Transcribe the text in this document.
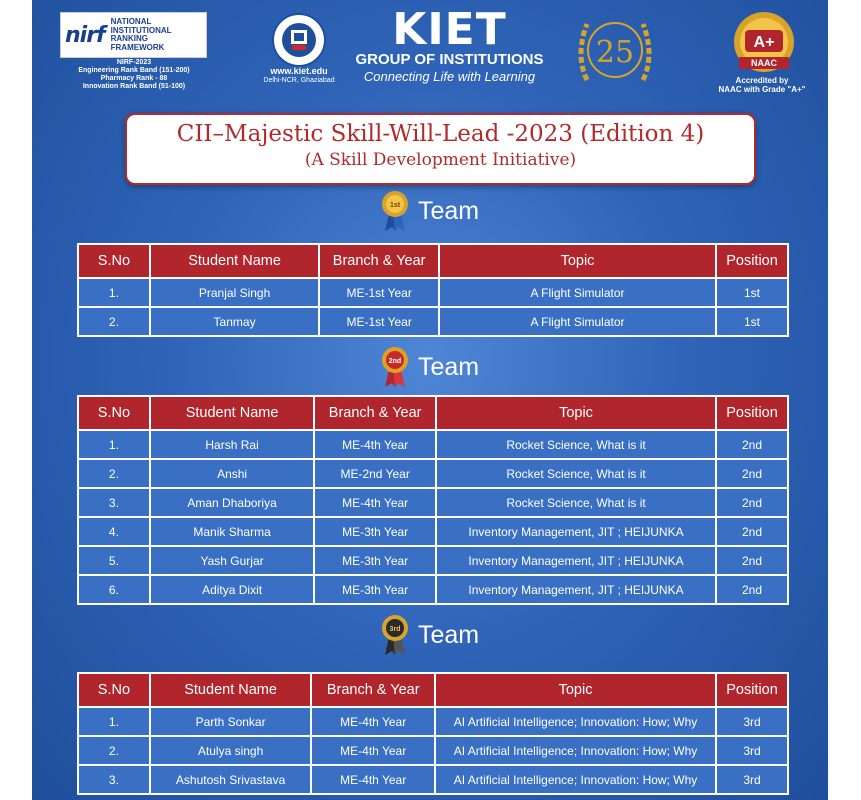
nirf
NATIONAL
INSTITUTIONAL
RANKING
FRAMEWORK
NIRF-2023
Engineering Rank Band (151-200)
Pharmacy Rank - 88
Innovation Rank Band (51-100)
www.kiet.edu
Delhi-NCR, Ghaziabad
KIET
GROUP OF INSTITUTIONS
Connecting Life with Learning
25	A+
NAAC
Accredited by
NAAC with Grade "A+"
CII–Majestic Skill-Will-Lead -2023 (Edition 4)
(A Skill Development Initiative)
1st Team
S.No	Student Name	Branch & Year	Topic	Position
1.	Pranjal Singh	ME-1st Year	A Flight Simulator	1st
2.	Tanmay	ME-1st Year	A Flight Simulator	1st
2nd Team
S.No	Student Name	Branch & Year	Topic	Position
1.	Harsh Rai	ME-4th Year	Rocket Science, What is it	2nd
2.	Anshi	ME-2nd Year	Rocket Science, What is it	2nd
3.	Aman Dhaboriya	ME-4th Year	Rocket Science, What is it	2nd
4.	Manik Sharma	ME-3th Year	Inventory Management, JIT ; HEIJUNKA	2nd
5.	Yash Gurjar	ME-3th Year	Inventory Management, JIT ; HEIJUNKA	2nd
6.	Aditya Dixit	ME-3th Year	Inventory Management, JIT ; HEIJUNKA	2nd
3rd Team
S.No	Student Name	Branch & Year	Topic	Position
1.	Parth Sonkar	ME-4th Year	AI Artificial Intelligence; Innovation: How; Why	3rd
2.	Atulya singh	ME-4th Year	AI Artificial Intelligence; Innovation: How; Why	3rd
3.	Ashutosh Srivastava	ME-4th Year	AI Artificial Intelligence; Innovation: How; Why	3rd
